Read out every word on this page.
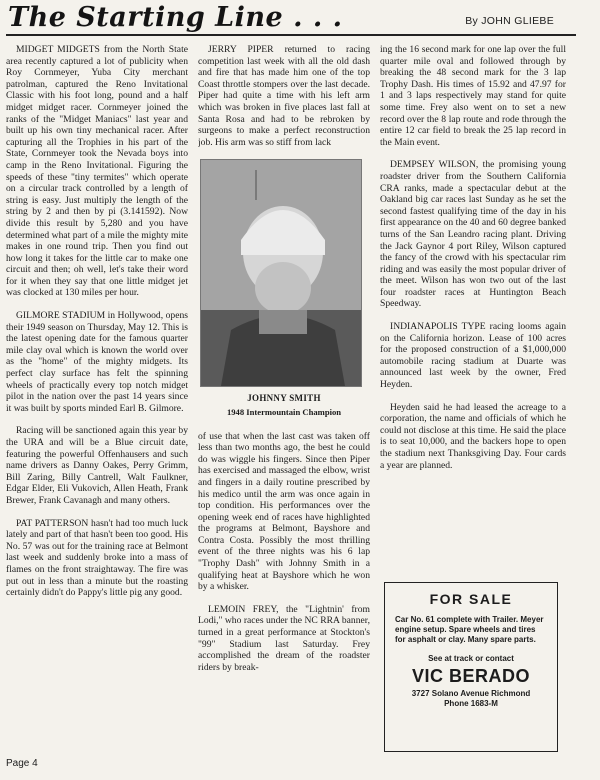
The Starting Line . . .	By JOHN GLIEBE

MIDGET MIDGETS from the North State area recently captured a lot of publicity when Roy Cornmeyer, Yuba City merchant patrolman, captured the Reno Invitational Classic with his foot long, pound and a half midget midget racer. Cornmeyer joined the ranks of the "Midget Maniacs" last year and built up his own tiny mechanical racer. After capturing all the Trophies in his part of the State, Cornmeyer took the Nevada boys into camp in the Reno Invitational. Figuring the speeds of these "tiny termites" which operate on a circular track controlled by a length of string is easy. Just multiply the length of the string by 2 and then by pi (3.141592). Now divide this result by 5,280 and you have determined what part of a mile the mighty mite makes in one round trip. Then you find out how long it takes for the little car to make one circuit and then; oh well, let's take their word for it when they say that one little midget jet was clocked at 130 miles per hour.

GILMORE STADIUM in Hollywood, opens their 1949 season on Thursday, May 12. This is the latest opening date for the famous quarter mile clay oval which is known the world over as the "home" of the mighty midgets. Its perfect clay surface has felt the spinning wheels of practically every top notch midget pilot in the nation over the past 14 years since it was built by sports minded Earl B. Gilmore.

Racing will be sanctioned again this year by the URA and will be a Blue circuit date, featuring the powerful Offenhausers and such name drivers as Danny Oakes, Perry Grimm, Bill Zaring, Billy Cantrell, Walt Faulkner, Edgar Elder, Eli Vukovich, Allen Heath, Frank Brewer, Frank Cavanagh and many others.

PAT PATTERSON hasn't had too much luck lately and part of that hasn't been too good. His No. 57 was out for the training race at Belmont last week and suddenly broke into a mass of flames on the front straightaway. The fire was put out in less than a minute but the roasting certainly didn't do Pappy's little pig any good.

JERRY PIPER returned to racing competition last week with all the old dash and fire that has made him one of the top Coast throttle stompers over the last decade. Piper had quite a time with his left arm which was broken in five places last fall at Santa Rosa and had to be rebroken by surgeons to make a perfect reconstruction job. His arm was so stiff from lack

JOHNNY SMITH
1948 Intermountain Champion

of use that when the last cast was taken off less than two months ago, the best he could do was wiggle his fingers. Since then Piper has exercised and massaged the elbow, wrist and fingers in a daily routine prescribed by his medico until the arm was once again in top condition. His performances over the opening week end of races have highlighted the programs at Belmont, Bayshore and Contra Costa. Possibly the most thrilling event of the three nights was his 6 lap "Trophy Dash" with Johnny Smith in a qualifying heat at Bayshore which he won by a whisker.

LEMOIN FREY, the "Lightnin' from Lodi," who races under the NC RRA banner, turned in a great performance at Stockton's "99" Stadium last Saturday. Frey accomplished the dream of the roadster riders by break-

ing the 16 second mark for one lap over the full quarter mile oval and followed through by breaking the 48 second mark for the 3 lap Trophy Dash. His times of 15.92 and 47.97 for 1 and 3 laps respectively may stand for quite some time. Frey also went on to set a new record over the 8 lap route and rode through the entire 12 car field to break the 25 lap record in the Main event.

DEMPSEY WILSON, the promising young roadster driver from the Southern California CRA ranks, made a spectacular debut at the Oakland big car races last Sunday as he set the second fastest qualifying time of the day in his first appearance on the 40 and 60 degree banked turns of the San Leandro racing plant. Driving the Jack Gaynor 4 port Riley, Wilson captured the fancy of the crowd with his spectacular rim riding and was easily the most popular driver of the meet. Wilson has won two out of the last four roadster races at Huntington Beach Speedway.

INDIANAPOLIS TYPE racing looms again on the California horizon. Lease of 100 acres for the proposed construction of a $1,000,000 automobile racing stadium at Duarte was announced last week by the owner, Fred Heyden.

Heyden said he had leased the acreage to a corporation, the name and officials of which he could not disclose at this time. He said the place is to seat 10,000, and the backers hope to open the stadium next Thanksgiving Day. Four cards a year are planned.

FOR SALE
Car No. 61 complete with Trailer. Meyer engine setup. Spare wheels and tires for asphalt or clay. Many spare parts.
See at track or contact
VIC BERADO
3727 Solano Avenue Richmond
Phone 1683-M
Page 4
